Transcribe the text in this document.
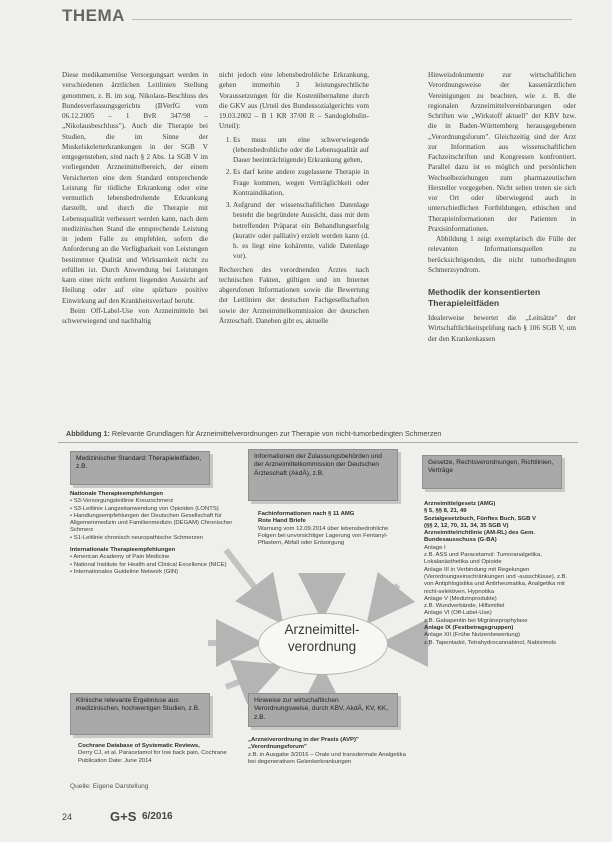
THEMA

Diese medikamentöse Versorgungsart werden in verschiedenen ärztlichen Leitlinien Stellung genommen, z. B. im sog. Nikolaus-Beschluss des Bundesverfassungsgerichts (BVerfG vom 06.12.2005 – 1 BvR 347/98 – „Nikolausbeschluss"). Auch die Therapie bei Studien, die im Sinne der Muskelskeletterkrankungen in der SGB V entgegenstehen, sind nach § 2 Abs. 1a SGB V im vorliegenden Arzneimittelbereich, der einem Versicherten eine dem Standard entsprechende Leistung für tödliche Erkrankung oder eine vermutlich lebensbedrohende Erkrankung darstellt, und durch die Therapie mit Lebensqualität verbessert werden kann, nach dem medizinischen Stand die entsprechende Leistung in jedem Falle zu empfehlen, sofern die Anforderung an die Verfügbarkeit von Leistungen bestimmter Qualität und Wirksamkeit nicht zu erfüllen ist. Durch Anwendung bei Leistungen kann einer nicht entfernt liegenden Aussicht auf Heilung oder auf eine spürbare positive Einwirkung auf den Krankheitsverlauf beruht.

Beim Off-Label-Use von Arzneimitteln bei schwerwiegend und nachhaltig

nicht jedoch eine lebensbedrohliche Erkrankung, gehen immerhin 3 leistungsrechtliche Voraussetzungen für die Kostenübernahme durch die GKV aus (Urteil des Bundessozialgerichts vom 19.03.2002 – B 1 KR 37/00 R – Sandoglobulin-Urteil):

1. Es muss um eine schwerwiegende (lebensbedrohliche oder die Lebensqualität auf Dauer beeinträchtigende) Erkrankung gehen,
2. Es darf keine andere zugelassene Therapie in Frage kommen, wegen Verträglichkeit oder Kontraindikation,
3. Aufgrund der wissenschaftlichen Datenlage besteht die begründete Aussicht, dass mit dem betreffenden Präparat ein Behandlungserfolg (kurativ oder palliativ) erzielt werden kann (d. h. es liegt eine kohärente, valide Datenlage vor).

Recherchen des verordnenden Arztes nach technischen Fakten, gültigen und im Internet abgerufenen Informationen sowie die Bewertung der Leitlinien der deutschen Fachgesellschaften sowie der Arzneimittelkommission der deutschen Ärzteschaft. Daneben gibt es, aktuelle

Hinweisdokumente zur wirtschaftlichen Verordnungsweise der kassenärztlichen Vereinigungen zu beachten, wie z. B. die regionalen Arzneimittelvereinbarungen oder Schriften wie „Wirkstoff aktuell" der KBV bzw. die in Baden-Württemberg herausgegebenen „Verordnungsforum". Gleichzeitig sind der Arzt zur Information aus wissenschaftlichen Fachzeitschriften und Kongressen konfrontiert. Parallel dazu ist es möglich und persönlichen Wechselbeziehungen zum pharmazeutischen Hersteller vorgegeben. Nicht selten treten sie sich vor Ort oder überwiegend auch in unterschiedlichen Fortbildungen, ethischen und Therapieinformationen der Patienten in Praxisinformationen.

Abbildung 1 zeigt exemplarisch die Fülle der relevanten Informationsquellen zu berücksichtigenden, die nicht tumorbedingten Schmerzsyndrom.

Methodik der konsentierten Therapieleitfäden

Idealerweise bewertet die „Leitsätze" der Wirtschaftlichkeitsprüfung nach § 106 SGB V, um der den Krankenkassen

Abbildung 1: Relevante Grundlagen für Arzneimittelverordnungen zur Therapie von nicht-tumorbedingten Schmerzen
Arzneimittel-
verordnung
Medizinischer Standard: Therapieleitfäden, z.B.
Nationale Therapieempfehlungen
• S3-Versorgungsleitlinie Kreuzschmerz
• S3-Leitlinie Langzeitanwendung von Opioiden (LONTS)
• Handlungsempfehlungen der Deutschen Gesellschaft für Allgemeinmedizin und Familienmedizin (DEGAM) Chronischer Schmerz
• S1-Leitlinie chronisch neuropathische Schmerzen
Internationale Therapieempfehlungen
• American Academy of Pain Medicine
• National Institute for Health and Clinical Excellence (NICE)
• Internationales Guideline Network (GIN)
Informationen der Zulassungsbehörden und der Arzneimittelkommission der Deutschen Ärzteschaft (AkdÄ), z.B.
Fachinformationen nach § 11 AMG
Rote Hand Briefe
Warnung vom 12.09.2014 über lebensbedrohliche Folgen bei unvorsichtiger Lagerung von Fentanyl-Pflastern, Abfall oder Entsorgung
Gesetze, Rechtsverordnungen, Richtlinien, Verträge
Arzneimittelgesetz (AMG)
§ 5, §§ 8, 21, 49
Sozialgesetzbuch, Fünftes Buch, SGB V
(§§ 2, 12, 70, 31, 34, 35 SGB V)
Arzneimittelrichtlinie (AM-RL) des Gem. Bundesausschuss (G-BA)
Anlage I
z.B. ASS und Paracetamol: Tumoranalgetika, Lokalanästhetika und Opioide
Anlage III in Verbindung mit Regelungen (Verordnungseinschränkungen und -ausschlüsse), z.B. von Antiphlogistika und Antirheumatika, Analgetika mit nicht-selektiven, Hypnotika
Anlage V (Medizinprodukte)
z.B. Wundverbände, Hilfsmittel
Anlage VI (Off-Label-Use)
z.B. Gabapentin bei Migräneprophylaxe
Anlage IX (Festbetragsgruppen)
Anlage XII (Frühe Nutzenbewertung)
z.B. Tapentadol, Tetrahydrocannabinol, Nabiximols
Klinische relevante Ergebnisse aus medizinischen, hochwertigen Studien, z.B.
Cochrane Database of Systematic Reviews,
Derry CJ, et al. Paracetamol for low back pain, Cochrane Publication Date: June 2014
Hinweise zur wirtschaftlichen Verordnungsweise, durch KBV, AkdÄ, KV, KK, z.B.
„Arzneiverordnung in der Praxis (AVP)" „Verordnungsforum"
z.B. in Ausgabe 3/2016 – Orale und transdermale Analgetika bei degenerativen Gelenkerkrankungen
Quelle: Eigene Darstellung
24	G+S 6/2016
